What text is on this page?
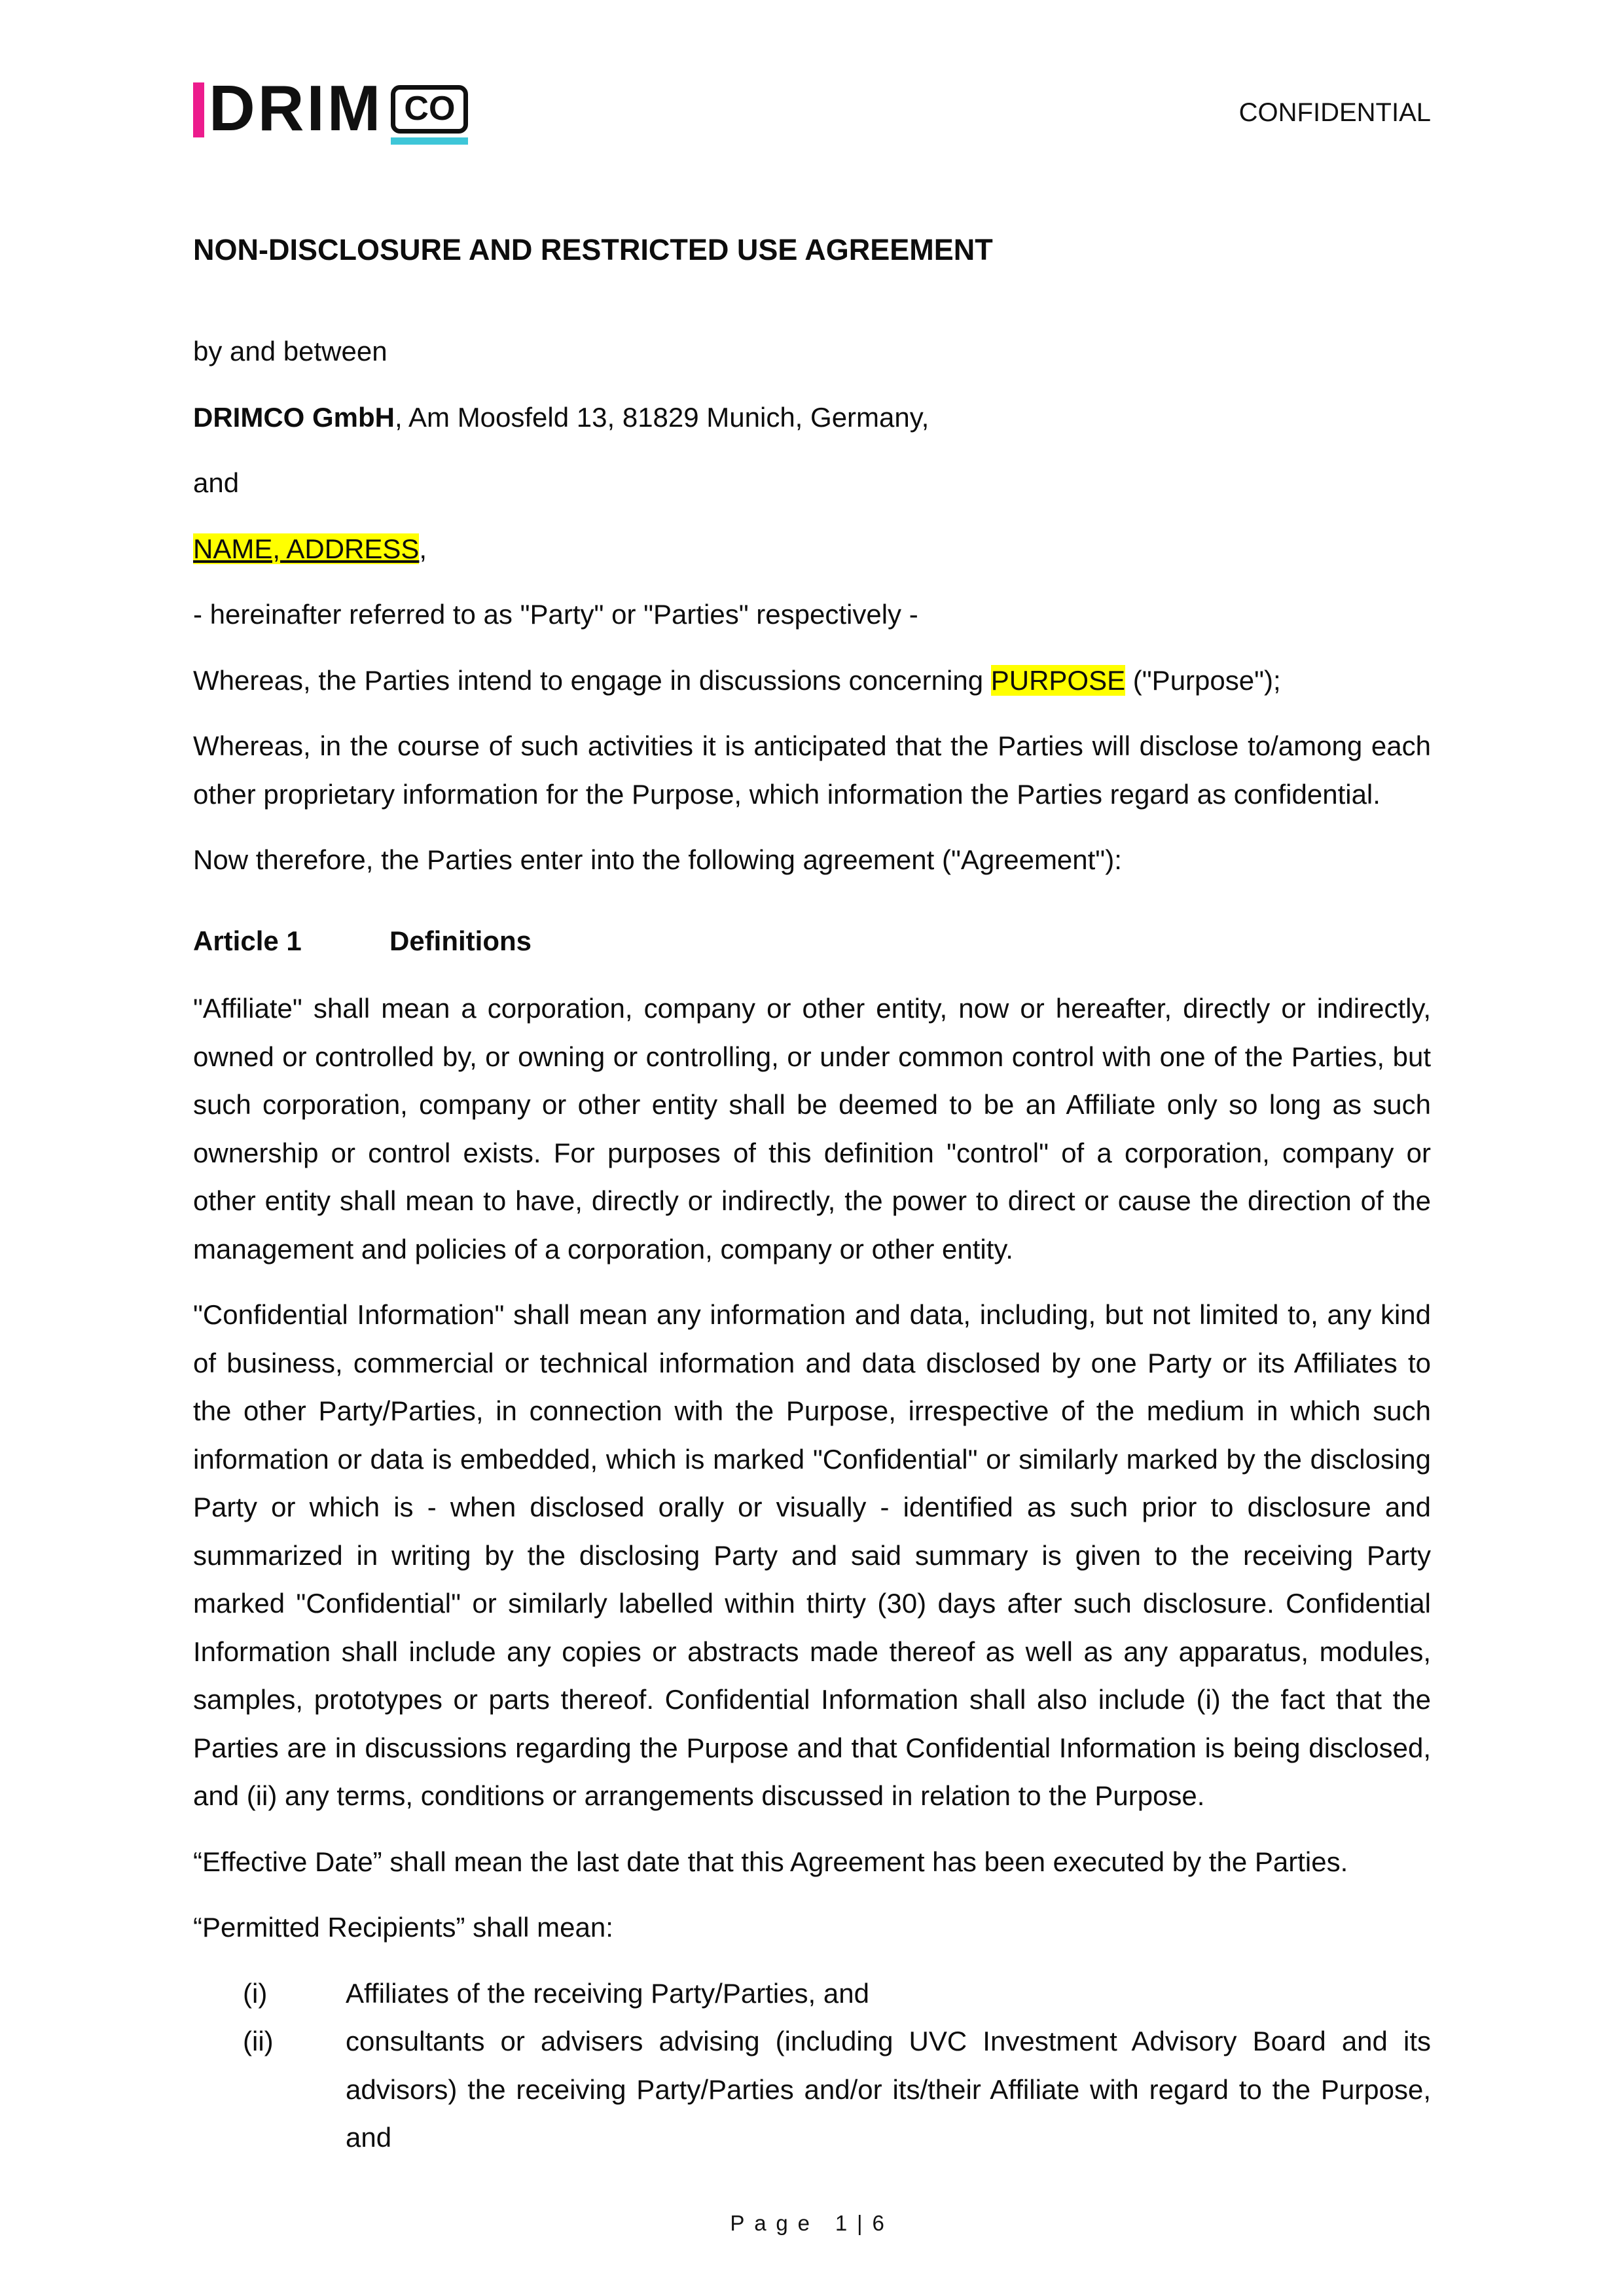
DRIM CO	CONFIDENTIAL
NON-DISCLOSURE AND RESTRICTED USE AGREEMENT

by and between

DRIMCO GmbH, Am Moosfeld 13, 81829 Munich, Germany,

and

NAME, ADDRESS,

- hereinafter referred to as "Party" or "Parties" respectively -

Whereas, the Parties intend to engage in discussions concerning PURPOSE ("Purpose");

Whereas, in the course of such activities it is anticipated that the Parties will disclose to/among each other proprietary information for the Purpose, which information the Parties regard as confidential.

Now therefore, the Parties enter into the following agreement ("Agreement"):

Article 1	Definitions

"Affiliate" shall mean a corporation, company or other entity, now or hereafter, directly or indirectly, owned or controlled by, or owning or controlling, or under common control with one of the Parties, but such corporation, company or other entity shall be deemed to be an Affiliate only so long as such ownership or control exists. For purposes of this definition "control" of a corporation, company or other entity shall mean to have, directly or indirectly, the power to direct or cause the direction of the management and policies of a corporation, company or other entity.

"Confidential Information" shall mean any information and data, including, but not limited to, any kind of business, commercial or technical information and data disclosed by one Party or its Affiliates to the other Party/Parties, in connection with the Purpose, irrespective of the medium in which such information or data is embedded, which is marked "Confidential" or similarly marked by the disclosing Party or which is - when disclosed orally or visually - identified as such prior to disclosure and summarized in writing by the disclosing Party and said summary is given to the receiving Party marked "Confidential" or similarly labelled within thirty (30) days after such disclosure. Confidential Information shall include any copies or abstracts made thereof as well as any apparatus, modules, samples, prototypes or parts thereof. Confidential Information shall also include (i) the fact that the Parties are in discussions regarding the Purpose and that Confidential Information is being disclosed, and (ii) any terms, conditions or arrangements discussed in relation to the Purpose.

“Effective Date” shall mean the last date that this Agreement has been executed by the Parties.

“Permitted Recipients” shall mean:

(i)	Affiliates of the receiving Party/Parties, and
(ii)	consultants or advisers advising (including UVC Investment Advisory Board and its advisors) the receiving Party/Parties and/or its/their Affiliate with regard to the Purpose, and
Page 1|6
